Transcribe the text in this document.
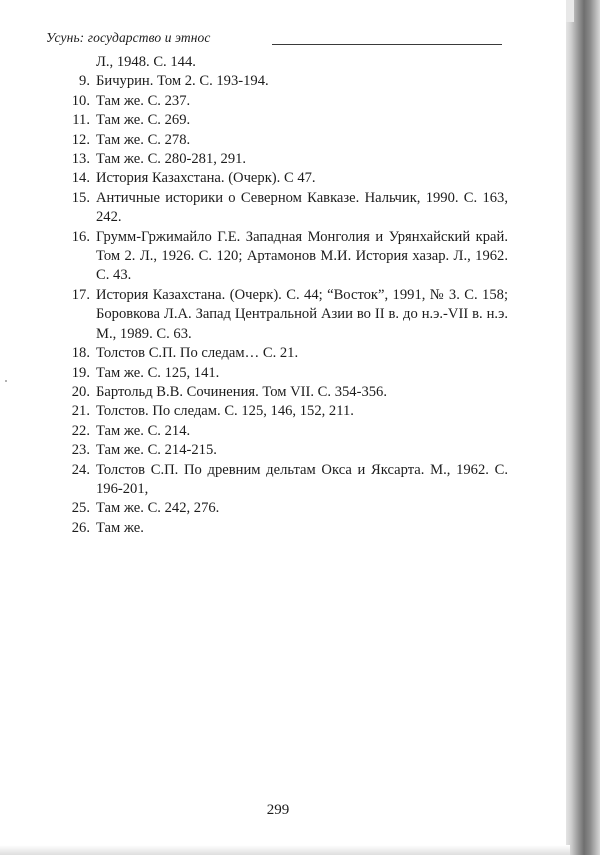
Усунь: государство и этнос
Л., 1948. С. 144.
9. Бичурин. Том 2. С. 193-194.
10. Там же. С. 237.
11. Там же. С. 269.
12. Там же. С. 278.
13. Там же. С. 280-281, 291.
14. История Казахстана. (Очерк). С 47.
15. Античные историки о Северном Кавказе. Нальчик, 1990. С. 163, 242.
16. Грумм-Гржимайло Г.Е. Западная Монголия и Урянхайский край. Том 2. Л., 1926. С. 120; Артамонов М.И. История хазар. Л., 1962. С. 43.
17. История Казахстана. (Очерк). С. 44; “Восток”, 1991, № 3. С. 158; Боровкова Л.А. Запад Центральной Азии во II в. до н.э.-VII в. н.э. М., 1989. С. 63.
18. Толстов С.П. По следам… С. 21.
19. Там же. С. 125, 141.
20. Бартольд В.В. Сочинения. Том VII. С. 354-356.
21. Толстов. По следам. С. 125, 146, 152, 211.
22. Там же. С. 214.
23. Там же. С. 214-215.
24. Толстов С.П. По древним дельтам Окса и Яксарта. М., 1962. С. 196-201,
25. Там же. С. 242, 276.
26. Там же.
299
